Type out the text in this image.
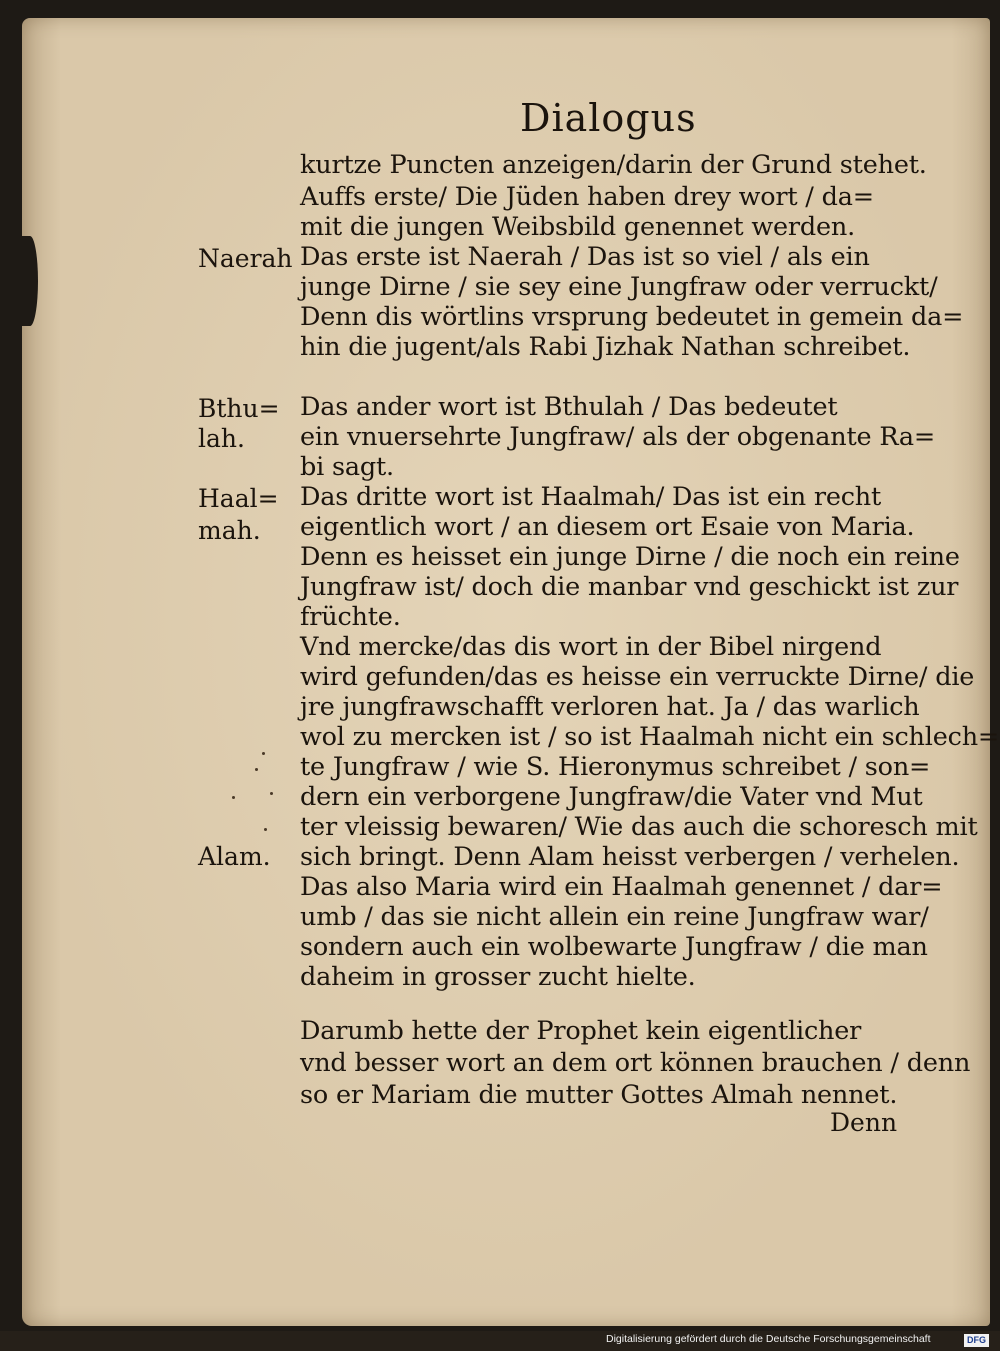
Dialogus
kurtze Puncten anzeigen/darin der Grund stehet.
Auffs erste/ Die Jüden haben drey wort / da=
mit die jungen Weibsbild genennet werden.
Das erste ist Naerah / Das ist so viel / als ein
junge Dirne / sie sey eine Jungfraw oder verruckt/
Denn dis wörtlins vrsprung bedeutet in gemein da=
hin die jugent/als Rabi Jizhak Nathan schreibet.
Das ander wort ist Bthulah / Das bedeutet
ein vnuersehrte Jungfraw/ als der obgenante Ra=
bi sagt.
Das dritte wort ist Haalmah/ Das ist ein recht
eigentlich wort / an diesem ort Esaie von Maria.
Denn es heisset ein junge Dirne / die noch ein reine
Jungfraw ist/ doch die manbar vnd geschickt ist zur
früchte.
Vnd mercke/das dis wort in der Bibel nirgend
wird gefunden/das es heisse ein verruckte Dirne/ die
jre jungfrawschafft verloren hat. Ja / das warlich
wol zu mercken ist / so ist Haalmah nicht ein schlech=
te Jungfraw / wie S. Hieronymus schreibet / son=
dern ein verborgene Jungfraw/die Vater vnd Mut
ter vleissig bewaren/ Wie das auch die schoresch mit
sich bringt. Denn Alam heisst verbergen / verhelen.
Das also Maria wird ein Haalmah genennet / dar=
umb / das sie nicht allein ein reine Jungfraw war/
sondern auch ein wolbewarte Jungfraw / die man
daheim in grosser zucht hielte.
Darumb hette der Prophet kein eigentlicher
vnd besser wort an dem ort können brauchen / denn
so er Mariam die mutter Gottes Almah nennet.
Denn
Naerah
Bthu=
lah.
Haal=
mah.
Alam.
Digitalisierung gefördert durch die Deutsche Forschungsgemeinschaft	DFG
